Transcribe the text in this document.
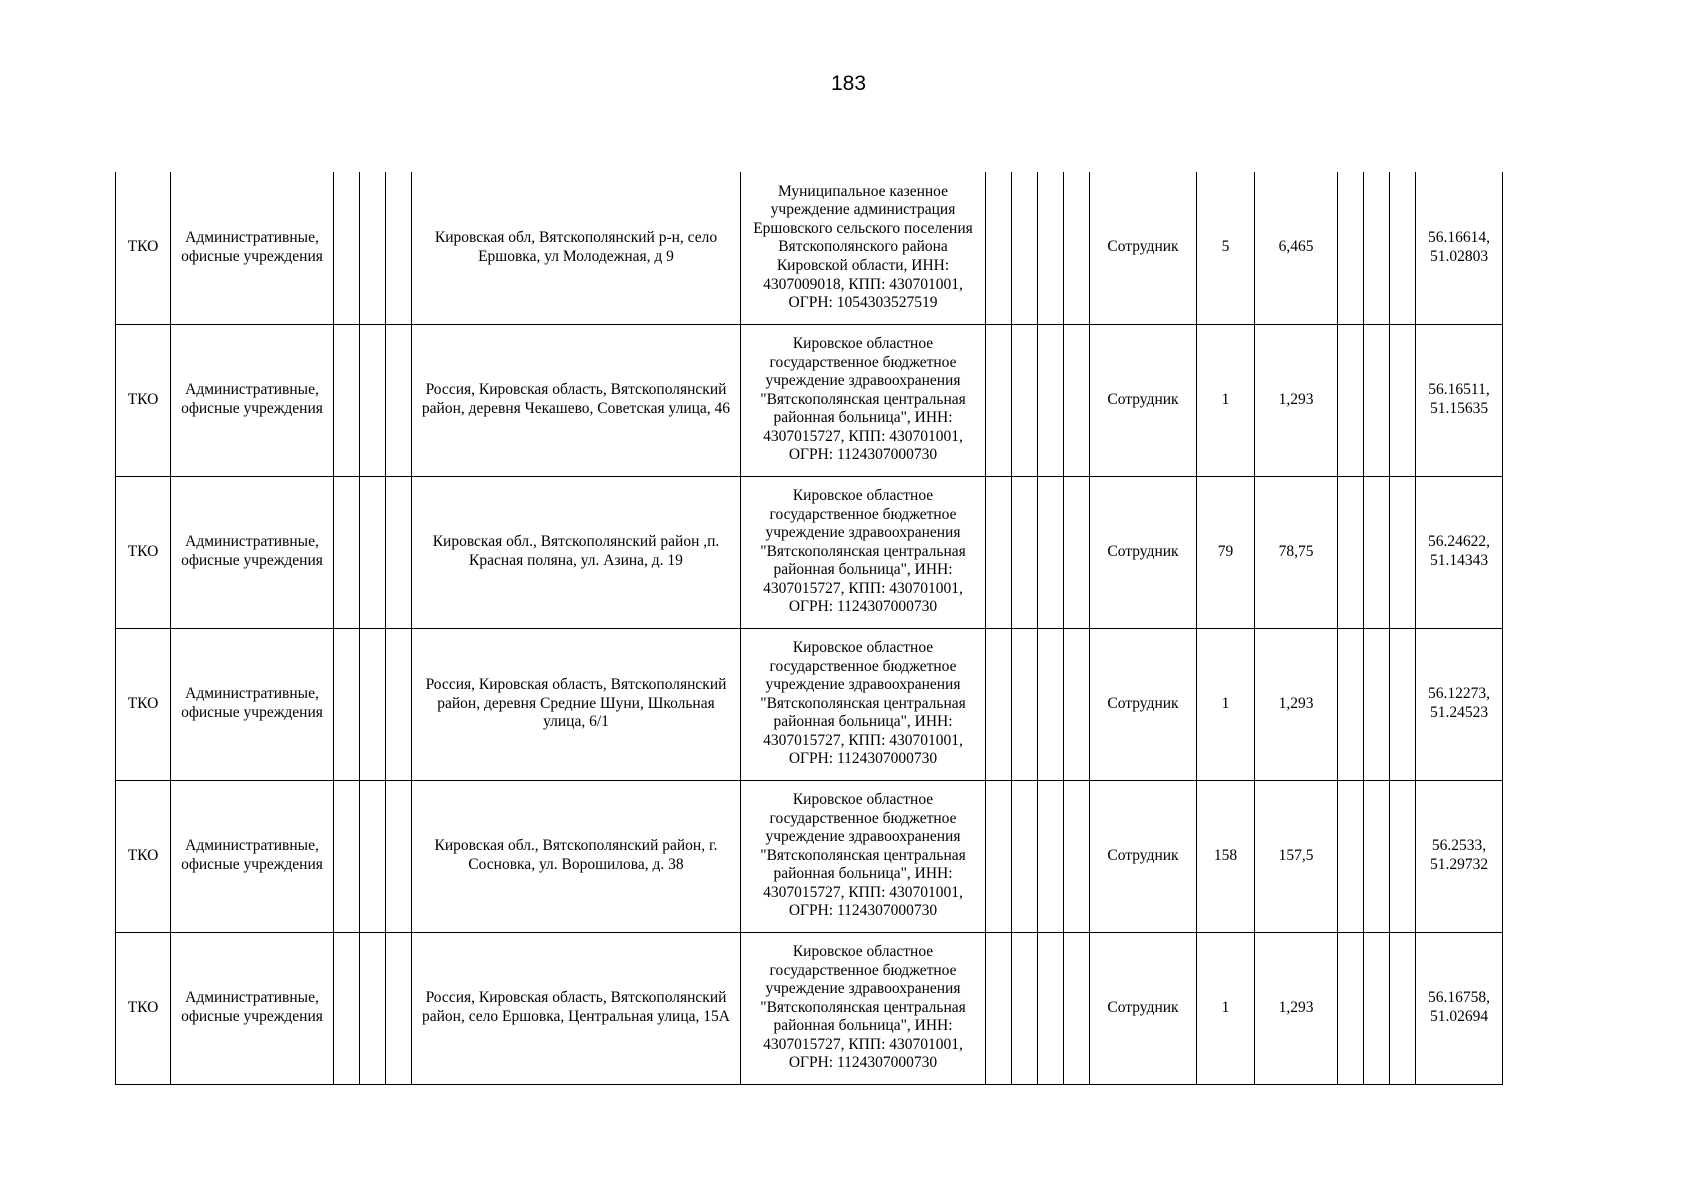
183
ТКО	Административные, офисные учреждения				Кировская обл, Вятскополянский р-н, село Ершовка, ул Молодежная, д 9	Муниципальное казенное учреждение администрация Ершовского сельского поселения Вятскополянского района Кировской области, ИНН: 4307009018, КПП: 430701001, ОГРН: 1054303527519					Сотрудник	5	6,465				56.16614, 51.02803
ТКО	Административные, офисные учреждения				Россия, Кировская область, Вятскополянский район, деревня Чекашево, Советская улица, 46	Кировское областное государственное бюджетное учреждение здравоохранения "Вятскополянская центральная районная больница", ИНН: 4307015727, КПП: 430701001, ОГРН: 1124307000730					Сотрудник	1	1,293				56.16511, 51.15635
ТКО	Административные, офисные учреждения				Кировская обл., Вятскополянский район ,п. Красная поляна, ул. Азина, д. 19	Кировское областное государственное бюджетное учреждение здравоохранения "Вятскополянская центральная районная больница", ИНН: 4307015727, КПП: 430701001, ОГРН: 1124307000730					Сотрудник	79	78,75				56.24622, 51.14343
ТКО	Административные, офисные учреждения				Россия, Кировская область, Вятскополянский район, деревня Средние Шуни, Школьная улица, 6/1	Кировское областное государственное бюджетное учреждение здравоохранения "Вятскополянская центральная районная больница", ИНН: 4307015727, КПП: 430701001, ОГРН: 1124307000730					Сотрудник	1	1,293				56.12273, 51.24523
ТКО	Административные, офисные учреждения				Кировская обл., Вятскополянский район, г. Сосновка, ул. Ворошилова, д. 38	Кировское областное государственное бюджетное учреждение здравоохранения "Вятскополянская центральная районная больница", ИНН: 4307015727, КПП: 430701001, ОГРН: 1124307000730					Сотрудник	158	157,5				56.2533, 51.29732
ТКО	Административные, офисные учреждения				Россия, Кировская область, Вятскополянский район, село Ершовка, Центральная улица, 15А	Кировское областное государственное бюджетное учреждение здравоохранения "Вятскополянская центральная районная больница", ИНН: 4307015727, КПП: 430701001, ОГРН: 1124307000730					Сотрудник	1	1,293				56.16758, 51.02694
